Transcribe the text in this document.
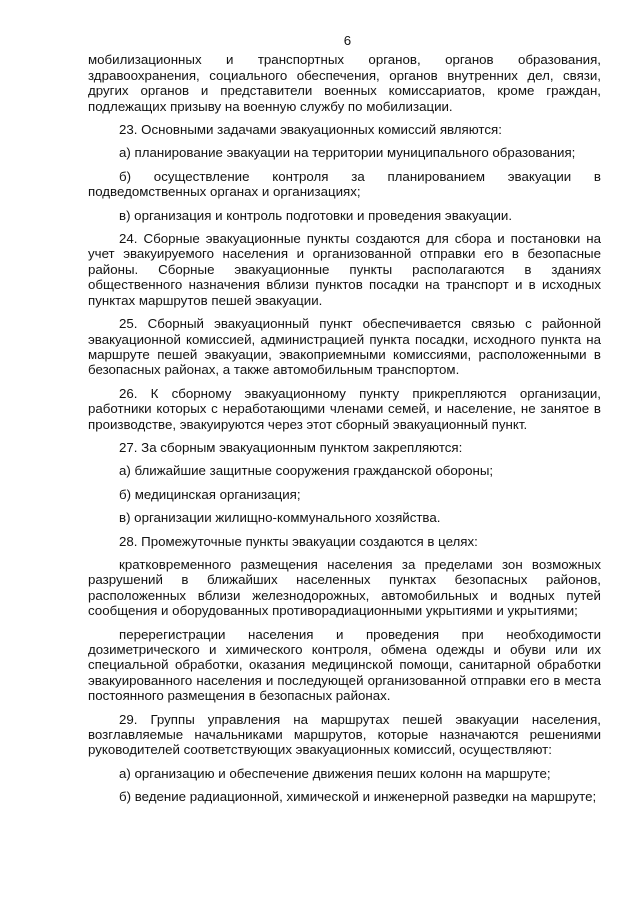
6

мобилизационных и транспортных органов, органов образования, здравоохранения, социального обеспечения, органов внутренних дел, связи, других органов и представители военных комиссариатов, кроме граждан, подлежащих призыву на военную службу по мобилизации.

23. Основными задачами эвакуационных комиссий являются:

а) планирование эвакуации на территории муниципального образования;

б) осуществление контроля за планированием эвакуации в подведомственных органах и организациях;

в) организация и контроль подготовки и проведения эвакуации.

24. Сборные эвакуационные пункты создаются для сбора и постановки на учет эвакуируемого населения и организованной отправки его в безопасные районы. Сборные эвакуационные пункты располагаются в зданиях общественного назначения вблизи пунктов посадки на транспорт и в исходных пунктах маршрутов пешей эвакуации.

25. Сборный эвакуационный пункт обеспечивается связью с районной эвакуационной комиссией, администрацией пункта посадки, исходного пункта на маршруте пешей эвакуации, эвакоприемными комиссиями, расположенными в безопасных районах, а также автомобильным транспортом.

26. К сборному эвакуационному пункту прикрепляются организации, работники которых с неработающими членами семей, и население, не занятое в производстве, эвакуируются через этот сборный эвакуационный пункт.

27. За сборным эвакуационным пунктом закрепляются:

а) ближайшие защитные сооружения гражданской обороны;

б) медицинская организация;

в) организации жилищно-коммунального хозяйства.

28. Промежуточные пункты эвакуации создаются в целях:

кратковременного размещения населения за пределами зон возможных разрушений в ближайших населенных пунктах безопасных районов, расположенных вблизи железнодорожных, автомобильных и водных путей сообщения и оборудованных противорадиационными укрытиями и укрытиями;

перерегистрации населения и проведения при необходимости дозиметрического и химического контроля, обмена одежды и обуви или их специальной обработки, оказания медицинской помощи, санитарной обработки эвакуированного населения и последующей организованной отправки его в места постоянного размещения в безопасных районах.

29. Группы управления на маршрутах пешей эвакуации населения, возглавляемые начальниками маршрутов, которые назначаются решениями руководителей соответствующих эвакуационных комиссий, осуществляют:

а) организацию и обеспечение движения пеших колонн на маршруте;

б) ведение радиационной, химической и инженерной разведки на маршруте;
